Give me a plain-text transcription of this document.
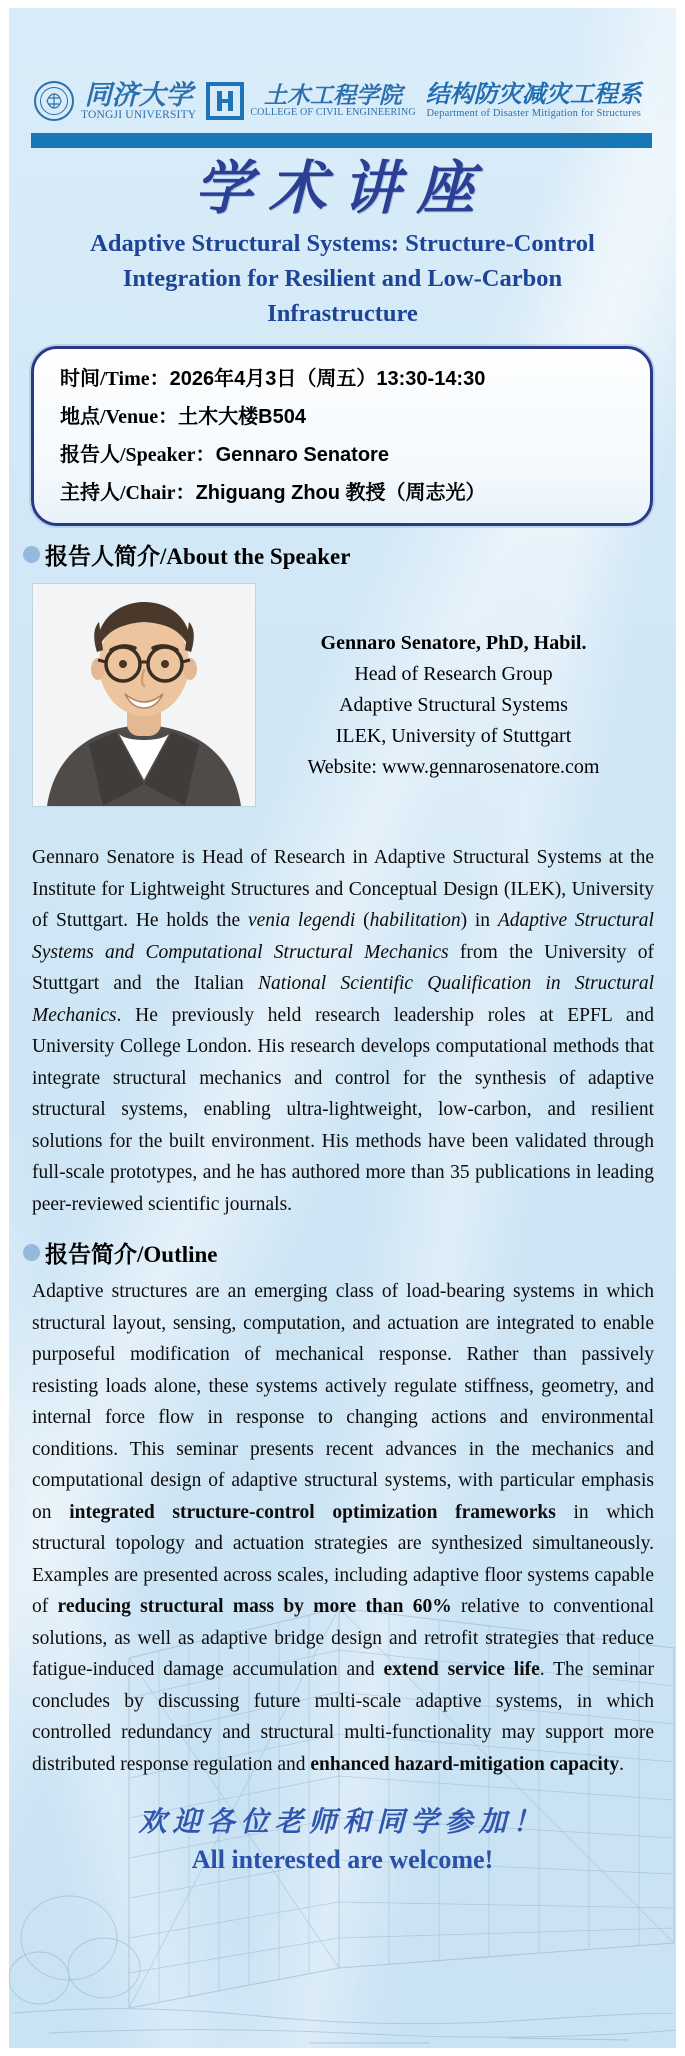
同济大学
TONGJI UNIVERSITY
土木工程学院
COLLEGE OF CIVIL ENGINEERING
结构防灾减灾工程系
Department of Disaster Mitigation for Structures
学术讲座
Adaptive Structural Systems: Structure-Control Integration for Resilient and Low-Carbon Infrastructure
时间/Time：2026年4月3日（周五）13:30-14:30
地点/Venue：土木大楼B504
报告人/Speaker：Gennaro Senatore
主持人/Chair：Zhiguang Zhou 教授（周志光）
报告人简介/About the Speaker
Gennaro Senatore, PhD, Habil.
Head of Research Group
Adaptive Structural Systems
ILEK, University of Stuttgart
Website: www.gennarosenatore.com

Gennaro Senatore is Head of Research in Adaptive Structural Systems at the Institute for Lightweight Structures and Conceptual Design (ILEK), University of Stuttgart. He holds the venia legendi (habilitation) in Adaptive Structural Systems and Computational Structural Mechanics from the University of Stuttgart and the Italian National Scientific Qualification in Structural Mechanics. He previously held research leadership roles at EPFL and University College London. His research develops computational methods that integrate structural mechanics and control for the synthesis of adaptive structural systems, enabling ultra-lightweight, low-carbon, and resilient solutions for the built environment. His methods have been validated through full-scale prototypes, and he has authored more than 35 publications in leading peer-reviewed scientific journals.

报告简介/Outline

Adaptive structures are an emerging class of load-bearing systems in which structural layout, sensing, computation, and actuation are integrated to enable purposeful modification of mechanical response. Rather than passively resisting loads alone, these systems actively regulate stiffness, geometry, and internal force flow in response to changing actions and environmental conditions. This seminar presents recent advances in the mechanics and computational design of adaptive structural systems, with particular emphasis on integrated structure-control optimization frameworks in which structural topology and actuation strategies are synthesized simultaneously. Examples are presented across scales, including adaptive floor systems capable of reducing structural mass by more than 60% relative to conventional solutions, as well as adaptive bridge design and retrofit strategies that reduce fatigue-induced damage accumulation and extend service life. The seminar concludes by discussing future multi-scale adaptive systems, in which controlled redundancy and structural multi-functionality may support more distributed response regulation and enhanced hazard-mitigation capacity.

欢迎各位老师和同学参加！
All interested are welcome!
